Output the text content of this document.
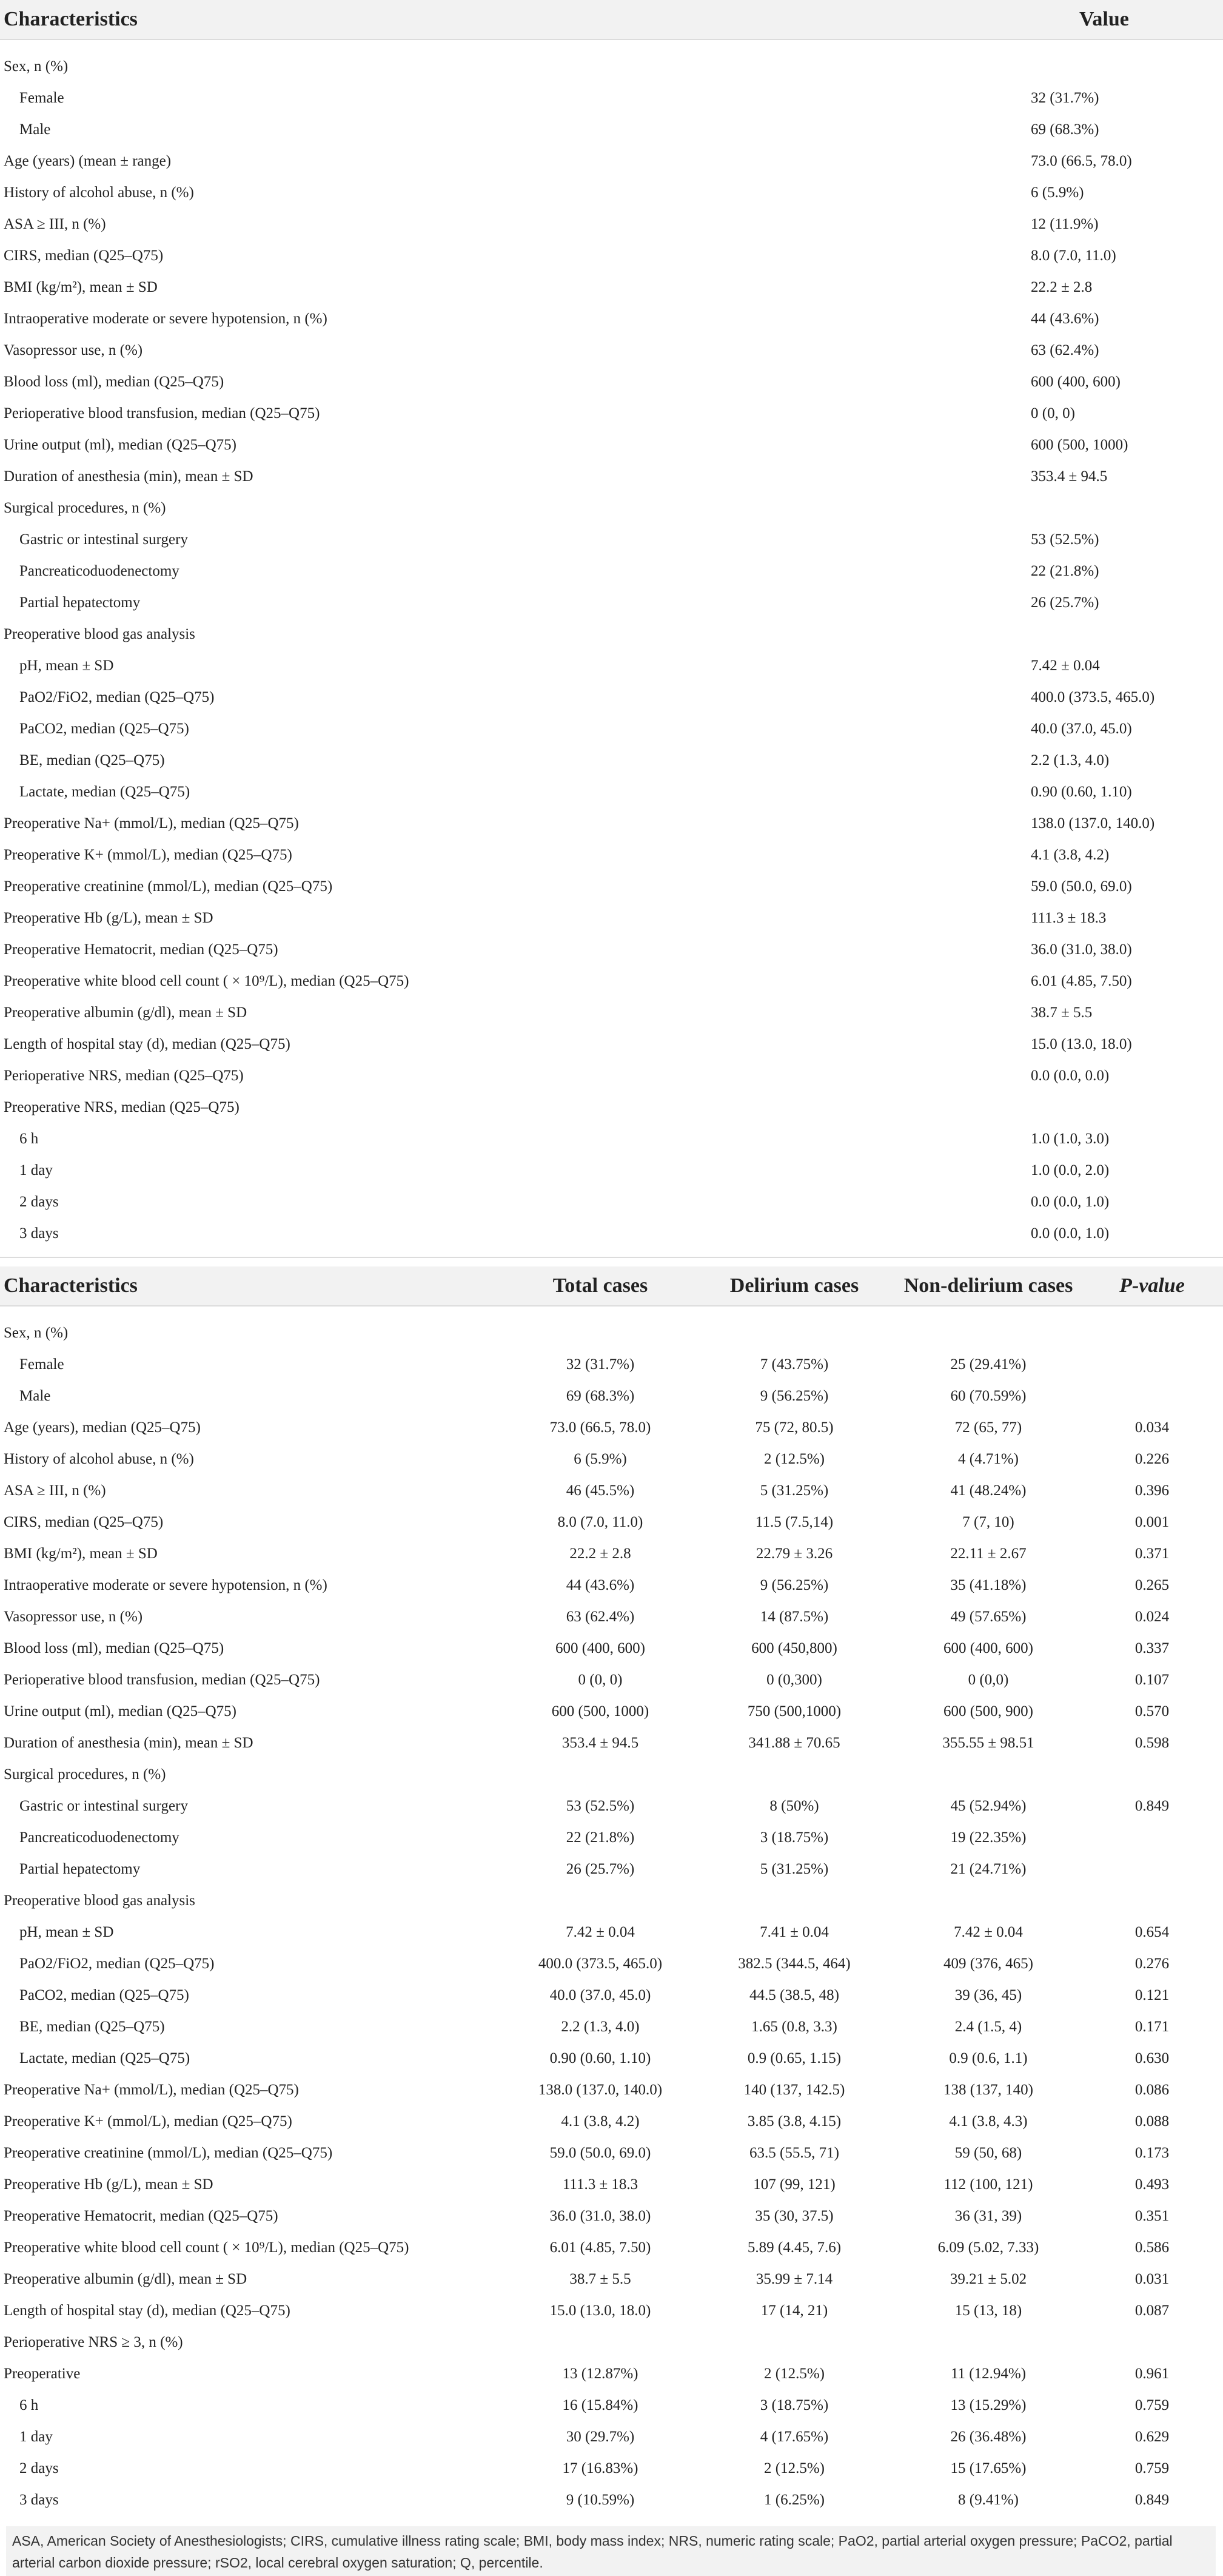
Characteristics	Value
Sex, n (%)
Female	32 (31.7%)
Male	69 (68.3%)
Age (years) (mean ± range)	73.0 (66.5, 78.0)
History of alcohol abuse, n (%)	6 (5.9%)
ASA ≥ III, n (%)	12 (11.9%)
CIRS, median (Q25–Q75)	8.0 (7.0, 11.0)
BMI (kg/m²), mean ± SD	22.2 ± 2.8
Intraoperative moderate or severe hypotension, n (%)	44 (43.6%)
Vasopressor use, n (%)	63 (62.4%)
Blood loss (ml), median (Q25–Q75)	600 (400, 600)
Perioperative blood transfusion, median (Q25–Q75)	0 (0, 0)
Urine output (ml), median (Q25–Q75)	600 (500, 1000)
Duration of anesthesia (min), mean ± SD	353.4 ± 94.5
Surgical procedures, n (%)
Gastric or intestinal surgery	53 (52.5%)
Pancreaticoduodenectomy	22 (21.8%)
Partial hepatectomy	26 (25.7%)
Preoperative blood gas analysis
pH, mean ± SD	7.42 ± 0.04
PaO2/FiO2, median (Q25–Q75)	400.0 (373.5, 465.0)
PaCO2, median (Q25–Q75)	40.0 (37.0, 45.0)
BE, median (Q25–Q75)	2.2 (1.3, 4.0)
Lactate, median (Q25–Q75)	0.90 (0.60, 1.10)
Preoperative Na+ (mmol/L), median (Q25–Q75)	138.0 (137.0, 140.0)
Preoperative K+ (mmol/L), median (Q25–Q75)	4.1 (3.8, 4.2)
Preoperative creatinine (mmol/L), median (Q25–Q75)	59.0 (50.0, 69.0)
Preoperative Hb (g/L), mean ± SD	111.3 ± 18.3
Preoperative Hematocrit, median (Q25–Q75)	36.0 (31.0, 38.0)
Preoperative white blood cell count ( × 10⁹/L), median (Q25–Q75)	6.01 (4.85, 7.50)
Preoperative albumin (g/dl), mean ± SD	38.7 ± 5.5
Length of hospital stay (d), median (Q25–Q75)	15.0 (13.0, 18.0)
Perioperative NRS, median (Q25–Q75)	0.0 (0.0, 0.0)
Preoperative NRS, median (Q25–Q75)
6 h	1.0 (1.0, 3.0)
1 day	1.0 (0.0, 2.0)
2 days	0.0 (0.0, 1.0)
3 days	0.0 (0.0, 1.0)
Characteristics	Total cases	Delirium cases	Non-delirium cases	P-value
Sex, n (%)
Female	32 (31.7%)	7 (43.75%)	25 (29.41%)
Male	69 (68.3%)	9 (56.25%)	60 (70.59%)
Age (years), median (Q25–Q75)	73.0 (66.5, 78.0)	75 (72, 80.5)	72 (65, 77)	0.034
History of alcohol abuse, n (%)	6 (5.9%)	2 (12.5%)	4 (4.71%)	0.226
ASA ≥ III, n (%)	46 (45.5%)	5 (31.25%)	41 (48.24%)	0.396
CIRS, median (Q25–Q75)	8.0 (7.0, 11.0)	11.5 (7.5,14)	7 (7, 10)	0.001
BMI (kg/m²), mean ± SD	22.2 ± 2.8	22.79 ± 3.26	22.11 ± 2.67	0.371
Intraoperative moderate or severe hypotension, n (%)	44 (43.6%)	9 (56.25%)	35 (41.18%)	0.265
Vasopressor use, n (%)	63 (62.4%)	14 (87.5%)	49 (57.65%)	0.024
Blood loss (ml), median (Q25–Q75)	600 (400, 600)	600 (450,800)	600 (400, 600)	0.337
Perioperative blood transfusion, median (Q25–Q75)	0 (0, 0)	0 (0,300)	0 (0,0)	0.107
Urine output (ml), median (Q25–Q75)	600 (500, 1000)	750 (500,1000)	600 (500, 900)	0.570
Duration of anesthesia (min), mean ± SD	353.4 ± 94.5	341.88 ± 70.65	355.55 ± 98.51	0.598
Surgical procedures, n (%)
Gastric or intestinal surgery	53 (52.5%)	8 (50%)	45 (52.94%)	0.849
Pancreaticoduodenectomy	22 (21.8%)	3 (18.75%)	19 (22.35%)
Partial hepatectomy	26 (25.7%)	5 (31.25%)	21 (24.71%)
Preoperative blood gas analysis
pH, mean ± SD	7.42 ± 0.04	7.41 ± 0.04	7.42 ± 0.04	0.654
PaO2/FiO2, median (Q25–Q75)	400.0 (373.5, 465.0)	382.5 (344.5, 464)	409 (376, 465)	0.276
PaCO2, median (Q25–Q75)	40.0 (37.0, 45.0)	44.5 (38.5, 48)	39 (36, 45)	0.121
BE, median (Q25–Q75)	2.2 (1.3, 4.0)	1.65 (0.8, 3.3)	2.4 (1.5, 4)	0.171
Lactate, median (Q25–Q75)	0.90 (0.60, 1.10)	0.9 (0.65, 1.15)	0.9 (0.6, 1.1)	0.630
Preoperative Na+ (mmol/L), median (Q25–Q75)	138.0 (137.0, 140.0)	140 (137, 142.5)	138 (137, 140)	0.086
Preoperative K+ (mmol/L), median (Q25–Q75)	4.1 (3.8, 4.2)	3.85 (3.8, 4.15)	4.1 (3.8, 4.3)	0.088
Preoperative creatinine (mmol/L), median (Q25–Q75)	59.0 (50.0, 69.0)	63.5 (55.5, 71)	59 (50, 68)	0.173
Preoperative Hb (g/L), mean ± SD	111.3 ± 18.3	107 (99, 121)	112 (100, 121)	0.493
Preoperative Hematocrit, median (Q25–Q75)	36.0 (31.0, 38.0)	35 (30, 37.5)	36 (31, 39)	0.351
Preoperative white blood cell count ( × 10⁹/L), median (Q25–Q75)	6.01 (4.85, 7.50)	5.89 (4.45, 7.6)	6.09 (5.02, 7.33)	0.586
Preoperative albumin (g/dl), mean ± SD	38.7 ± 5.5	35.99 ± 7.14	39.21 ± 5.02	0.031
Length of hospital stay (d), median (Q25–Q75)	15.0 (13.0, 18.0)	17 (14, 21)	15 (13, 18)	0.087
Perioperative NRS ≥ 3, n (%)
Preoperative	13 (12.87%)	2 (12.5%)	11 (12.94%)	0.961
6 h	16 (15.84%)	3 (18.75%)	13 (15.29%)	0.759
1 day	30 (29.7%)	4 (17.65%)	26 (36.48%)	0.629
2 days	17 (16.83%)	2 (12.5%)	15 (17.65%)	0.759
3 days	9 (10.59%)	1 (6.25%)	8 (9.41%)	0.849
ASA, American Society of Anesthesiologists; CIRS, cumulative illness rating scale; BMI, body mass index; NRS, numeric rating scale; PaO2, partial arterial oxygen pressure; PaCO2, partial arterial carbon dioxide pressure; rSO2, local cerebral oxygen saturation; Q, percentile.
